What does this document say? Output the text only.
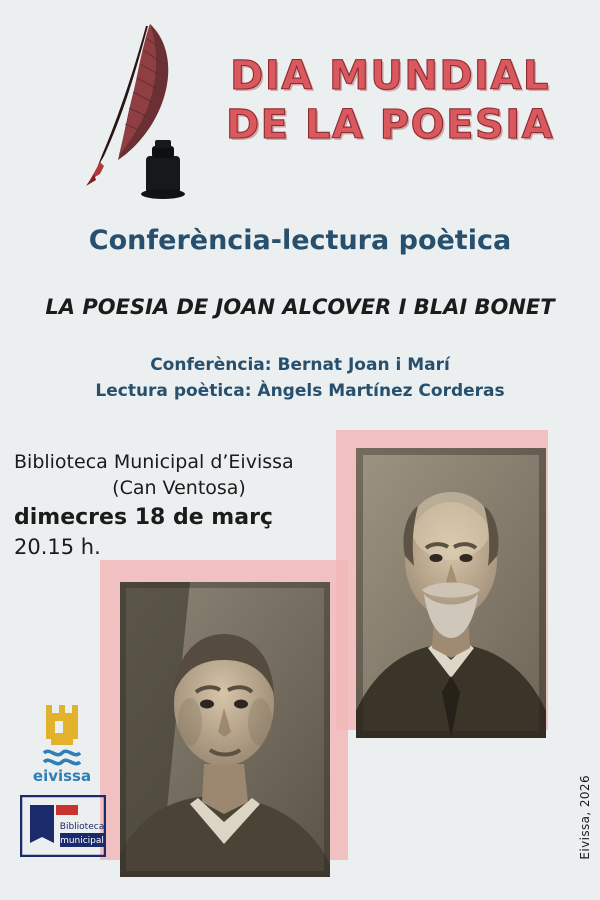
DIA MUNDIAL
DE LA POESIA
Conferència-lectura poètica
LA POESIA DE JOAN ALCOVER I BLAI BONET
Conferència: Bernat Joan i Marí
Lectura poètica: Àngels Martínez Corderas
Biblioteca Municipal d’Eivissa
(Can Ventosa)
dimecres 18 de març
20.15 h.
eivissa
Biblioteca
municipal	Eivissa, 2026
